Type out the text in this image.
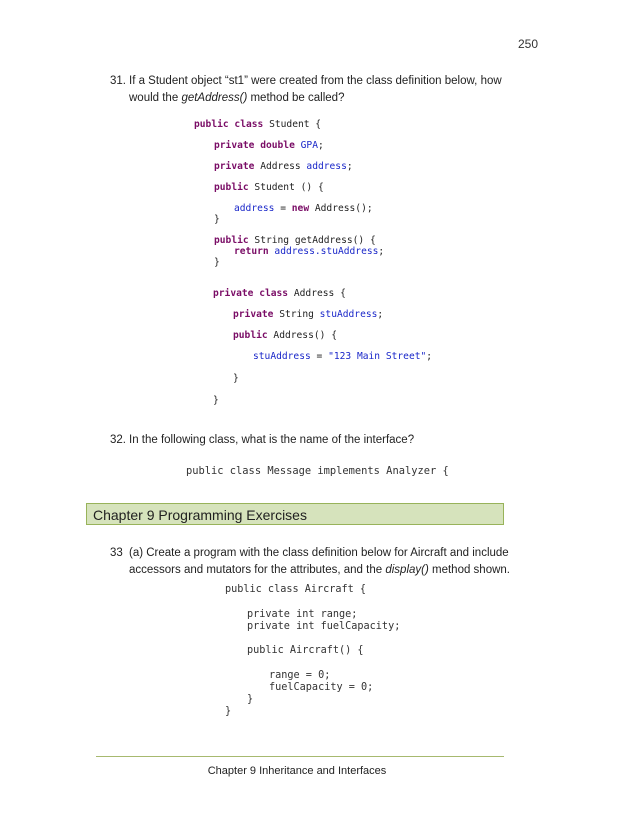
250
31. If a Student object “st1” were created from the class definition below, how
would the getAddress() method be called?

public class Student {

private double GPA;

private Address address;

public Student () {

address = new Address();

}

public String getAddress() {

return address.stuAddress;

}

private class Address {

private String stuAddress;

public Address() {

stuAddress = "123 Main Street";

}

}

32. In the following class, what is the name of the interface?
public class Message implements Analyzer {
Chapter 9 Programming Exercises
33 (a) Create a program with the class definition below for Aircraft and include
accessors and mutators for the attributes, and the display() method shown.

public class Aircraft {

private int range;

private int fuelCapacity;

public Aircraft() {

range = 0;

fuelCapacity = 0;

}

}

Chapter 9 Inheritance and Interfaces
